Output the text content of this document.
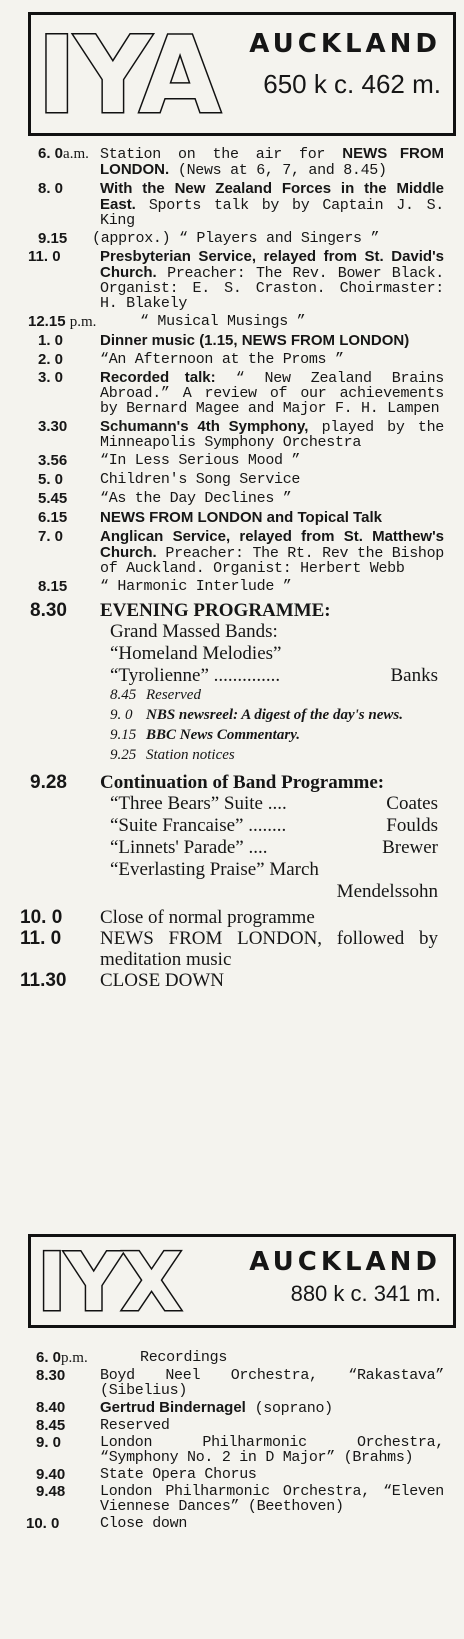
IYA AUCKLAND
650 k c. 462 m.
6. 0a.m. Station on the air for NEWS FROM LONDON. (News at 6, 7, and 8.45)
8. 0	With the New Zealand Forces in the Middle East. Sports talk by by Captain J. S. King
9.15	(approx.) “ Players and Singers ”
11. 0	Presbyterian Service, relayed from St. David's Church. Preacher: The Rev. Bower Black. Organist: E. S. Craston. Choirmaster: H. Blakely
12.15 p.m.	“ Musical Musings ”
1. 0	Dinner music (1.15, NEWS FROM LONDON)
2. 0	“An Afternoon at the Proms ”
3. 0	Recorded talk: “ New Zealand Brains Abroad.” A review of our achievements by Bernard Magee and Major F. H. Lampen
3.30	Schumann's 4th Symphony, played by the Minneapolis Symphony Orchestra
3.56	“In Less Serious Mood ”
5. 0	Children's Song Service
5.45	“As the Day Declines ”
6.15	NEWS FROM LONDON and Topical Talk
7. 0	Anglican Service, relayed from St. Matthew's Church. Preacher: The Rt. Rev the Bishop of Auckland. Organist: Herbert Webb
8.15	“ Harmonic Interlude ”
8.30	EVENING PROGRAMME:
Grand Massed Bands:
“Homeland Melodies”
“Tyrolienne” ..............	Banks
8.45 Reserved
9. 0 NBS newsreel: A digest of the day's news.
9.15 BBC News Commentary.
9.25 Station notices
9.28	Continuation of Band Programme:
“Three Bears” Suite ....	Coates
“Suite Francaise” ........	Foulds
“Linnets' Parade” ....	Brewer
“Everlasting Praise” March
Mendelssohn
10. 0	Close of normal programme
11. 0	NEWS FROM LONDON, followed by meditation music
11.30	CLOSE DOWN
IYX	AUCKLAND
880 k c. 341 m.
6. 0p.m.	Recordings
8.30	Boyd Neel Orchestra, “Rakastava” (Sibelius)
8.40	Gertrud Bindernagel (soprano)
8.45	Reserved
9. 0	London Philharmonic Orchestra, “Symphony No. 2 in D Major” (Brahms)
9.40	State Opera Chorus
9.48	London Philharmonic Orchestra, “Eleven Viennese Dances” (Beethoven)
10. 0	Close down
